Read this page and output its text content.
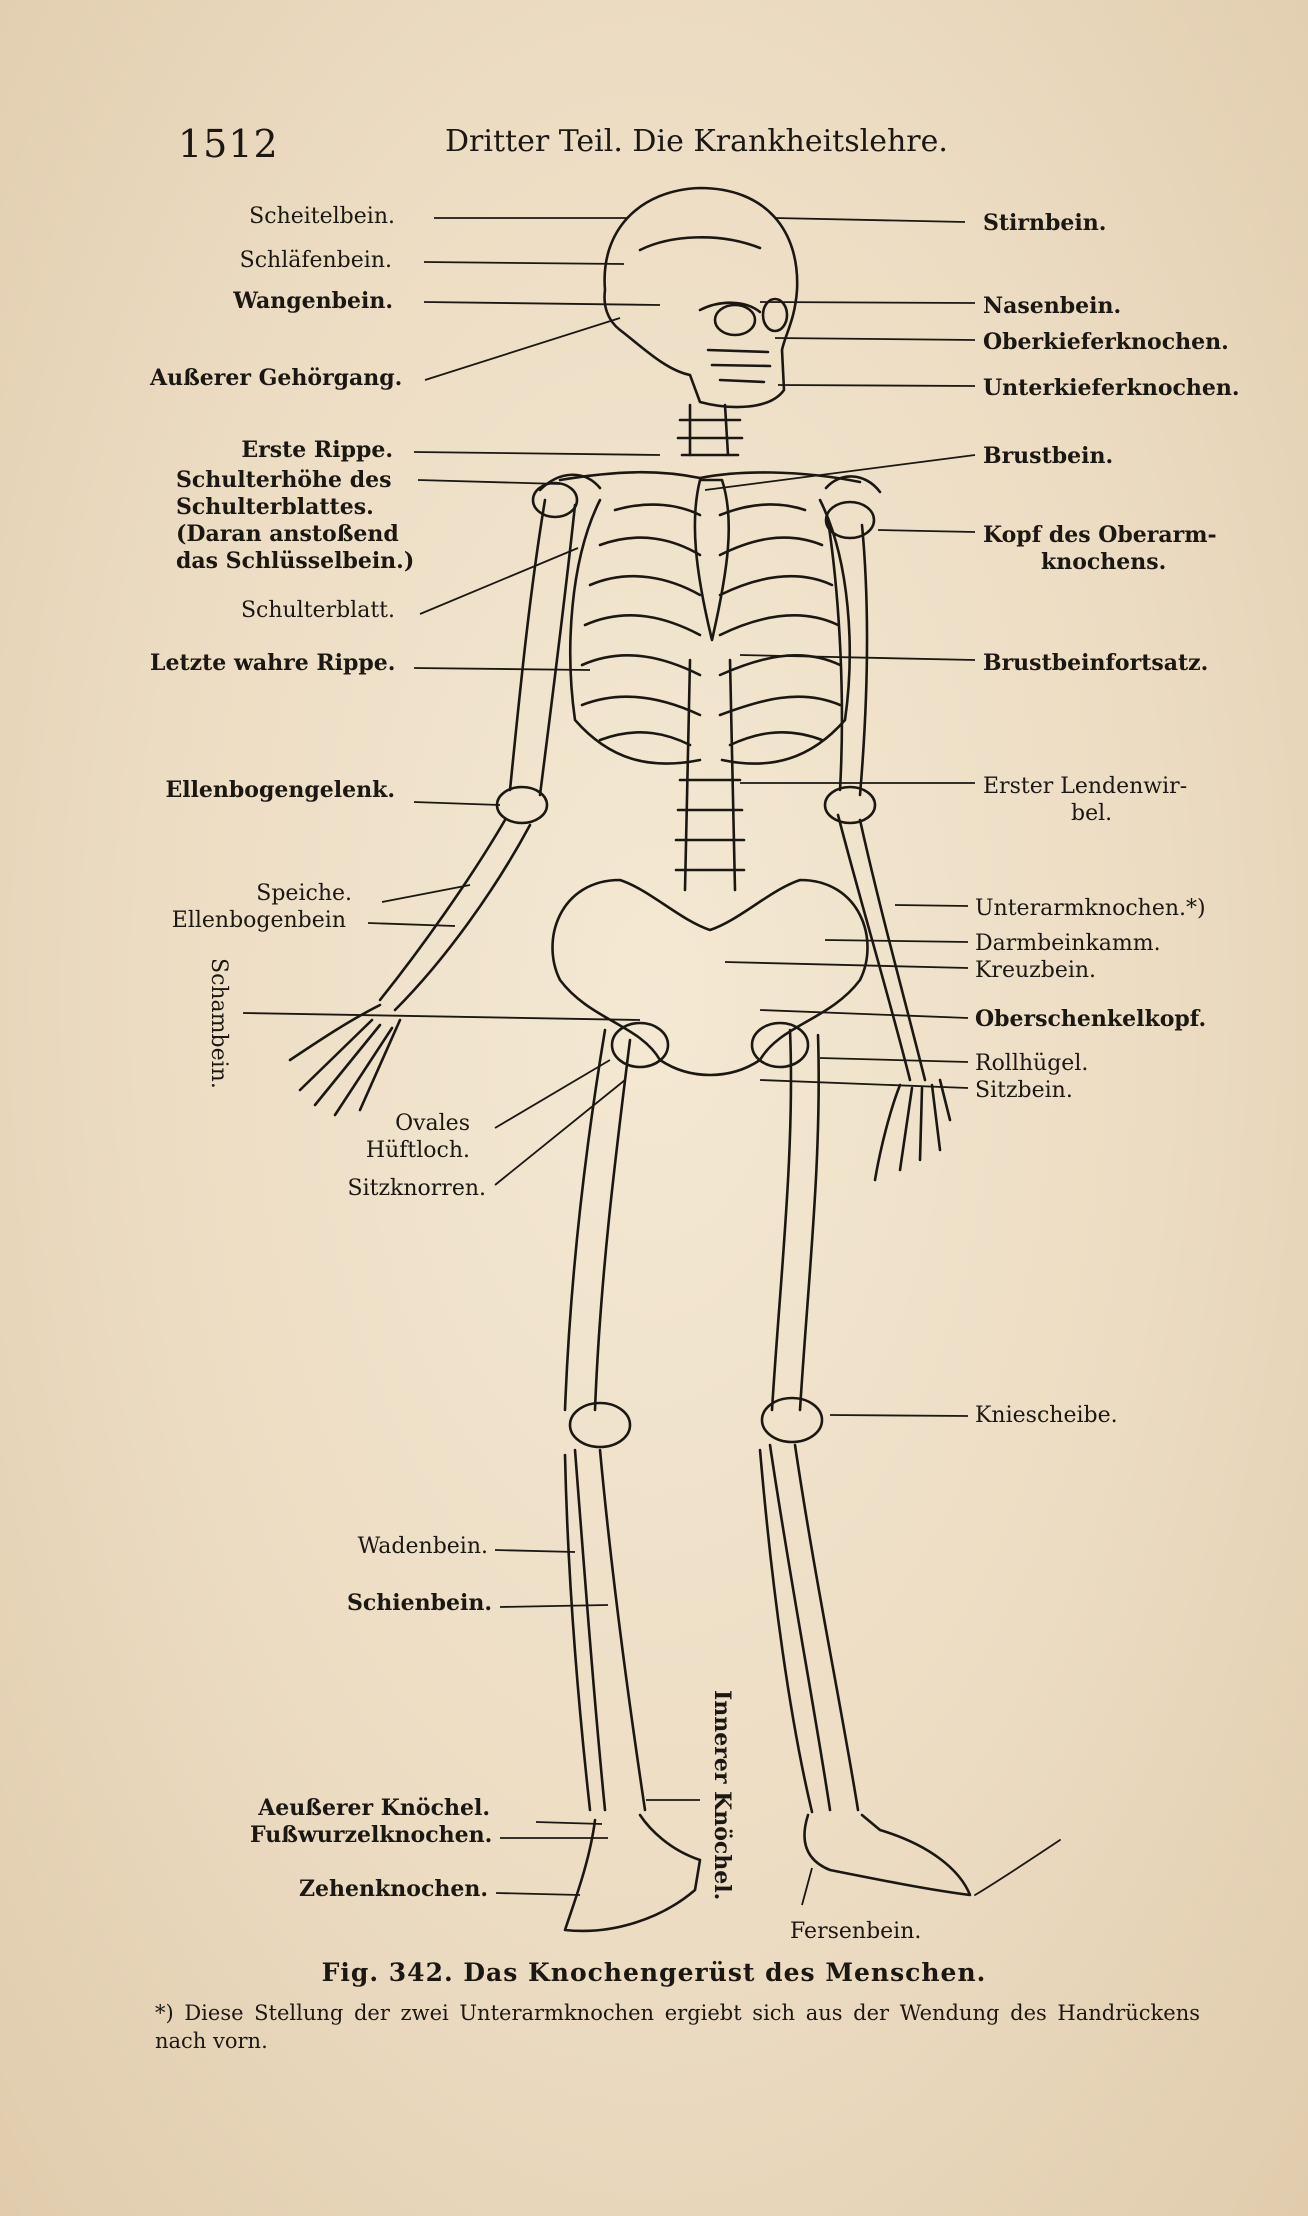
1512	Dritter Teil. Die Krankheitslehre.
Scheitelbein.
Schläfenbein.
Wangenbein.
Außerer Gehörgang.
Erste Rippe.
Schulterhöhe des
Schulterblattes.
(Daran anstoßend
das Schlüsselbein.)
Schulterblatt.
Letzte wahre Rippe.
Ellenbogengelenk.
Speiche.
Ellenbogenbein
Schambein.
Ovales
Hüftloch.
Sitzknorren.
Wadenbein.
Schienbein.
Aeußerer Knöchel.
Fußwurzelknochen.
Zehenknochen.	Innerer Knöchel.
Fersenbein.
Stirnbein.
Nasenbein.
Oberkieferknochen.
Unterkieferknochen.
Brustbein.
Kopf des Oberarm-
knochens.
Brustbeinfortsatz.
Erster Lendenwir-
bel.
Unterarmknochen.*)
Darmbeinkamm.
Kreuzbein.
Oberschenkelkopf.
Rollhügel.
Sitzbein.
Kniescheibe.
Fig. 342. Das Knochengerüst des Menschen.
*) Diese Stellung der zwei Unterarmknochen ergiebt sich aus der Wendung des Handrückens nach vorn.
